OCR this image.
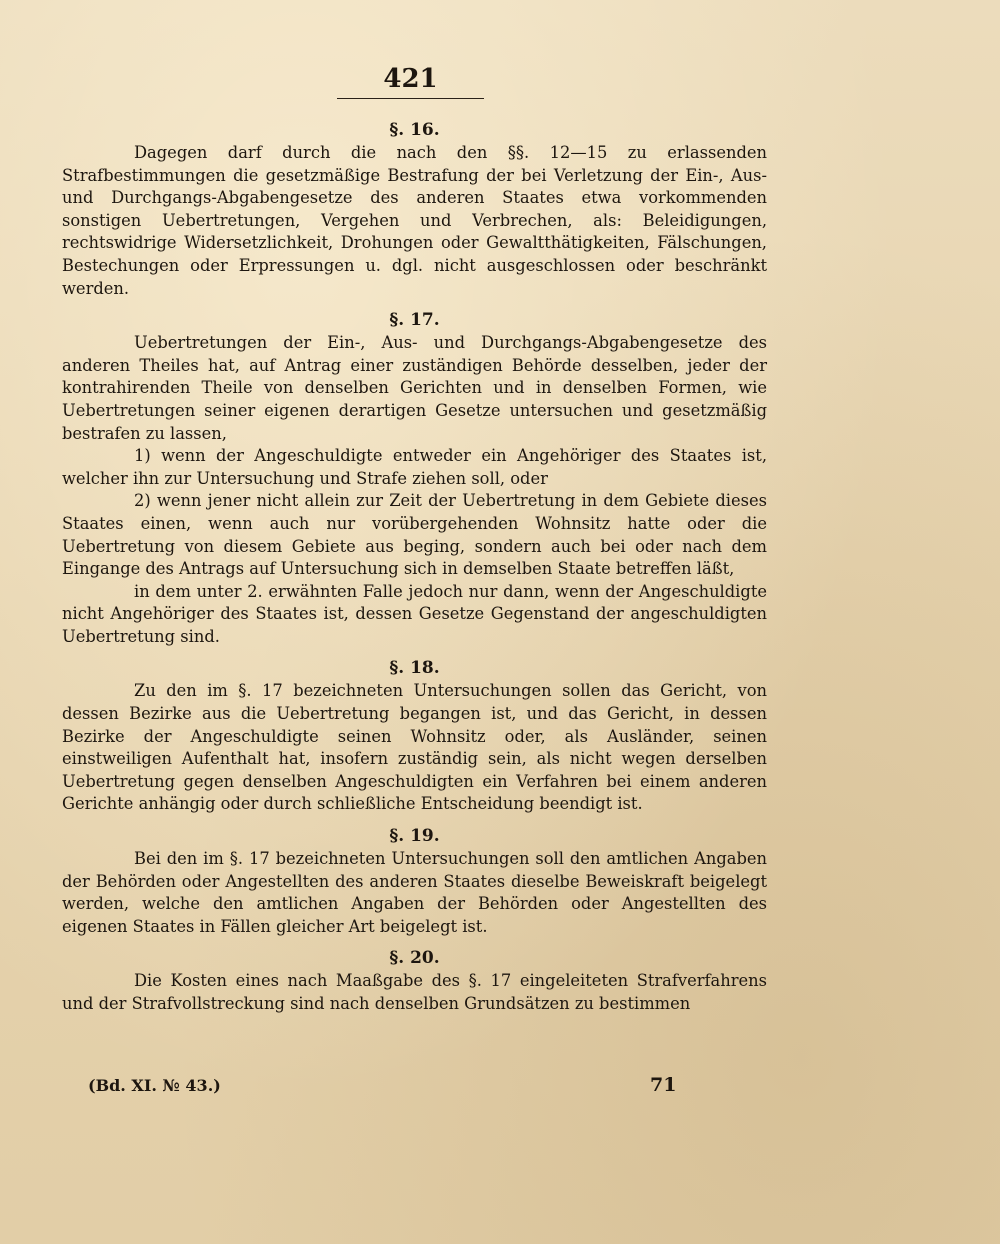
421

§. 16.

Dagegen darf durch die nach den §§. 12—15 zu erlassenden Strafbestimmungen die gesetzmäßige Bestrafung der bei Verletzung der Ein-, Aus- und Durchgangs-Abgabengesetze des anderen Staates etwa vorkommenden sonstigen Uebertretungen, Vergehen und Verbrechen, als: Beleidigungen, rechtswidrige Widersetzlichkeit, Drohungen oder Gewaltthätigkeiten, Fälschungen, Bestechungen oder Erpressungen u. dgl. nicht ausgeschlossen oder beschränkt werden.

§. 17.

Uebertretungen der Ein-, Aus- und Durchgangs-Abgabengesetze des anderen Theiles hat, auf Antrag einer zuständigen Behörde desselben, jeder der kontrahirenden Theile von denselben Gerichten und in denselben Formen, wie Uebertretungen seiner eigenen derartigen Gesetze untersuchen und gesetzmäßig bestrafen zu lassen,

1) wenn der Angeschuldigte entweder ein Angehöriger des Staates ist, welcher ihn zur Untersuchung und Strafe ziehen soll, oder

2) wenn jener nicht allein zur Zeit der Uebertretung in dem Gebiete dieses Staates einen, wenn auch nur vorübergehenden Wohnsitz hatte oder die Uebertretung von diesem Gebiete aus beging, sondern auch bei oder nach dem Eingange des Antrags auf Untersuchung sich in demselben Staate betreffen läßt,

in dem unter 2. erwähnten Falle jedoch nur dann, wenn der Angeschuldigte nicht Angehöriger des Staates ist, dessen Gesetze Gegenstand der angeschuldigten Uebertretung sind.

§. 18.

Zu den im §. 17 bezeichneten Untersuchungen sollen das Gericht, von dessen Bezirke aus die Uebertretung begangen ist, und das Gericht, in dessen Bezirke der Angeschuldigte seinen Wohnsitz oder, als Ausländer, seinen einstweiligen Aufenthalt hat, insofern zuständig sein, als nicht wegen derselben Uebertretung gegen denselben Angeschuldigten ein Verfahren bei einem anderen Gerichte anhängig oder durch schließliche Entscheidung beendigt ist.

§. 19.

Bei den im §. 17 bezeichneten Untersuchungen soll den amtlichen Angaben der Behörden oder Angestellten des anderen Staates dieselbe Beweiskraft beigelegt werden, welche den amtlichen Angaben der Behörden oder Angestellten des eigenen Staates in Fällen gleicher Art beigelegt ist.

§. 20.

Die Kosten eines nach Maaßgabe des §. 17 eingeleiteten Strafverfahrens und der Strafvollstreckung sind nach denselben Grundsätzen zu bestimmen

(Bd. XI. № 43.)	71
